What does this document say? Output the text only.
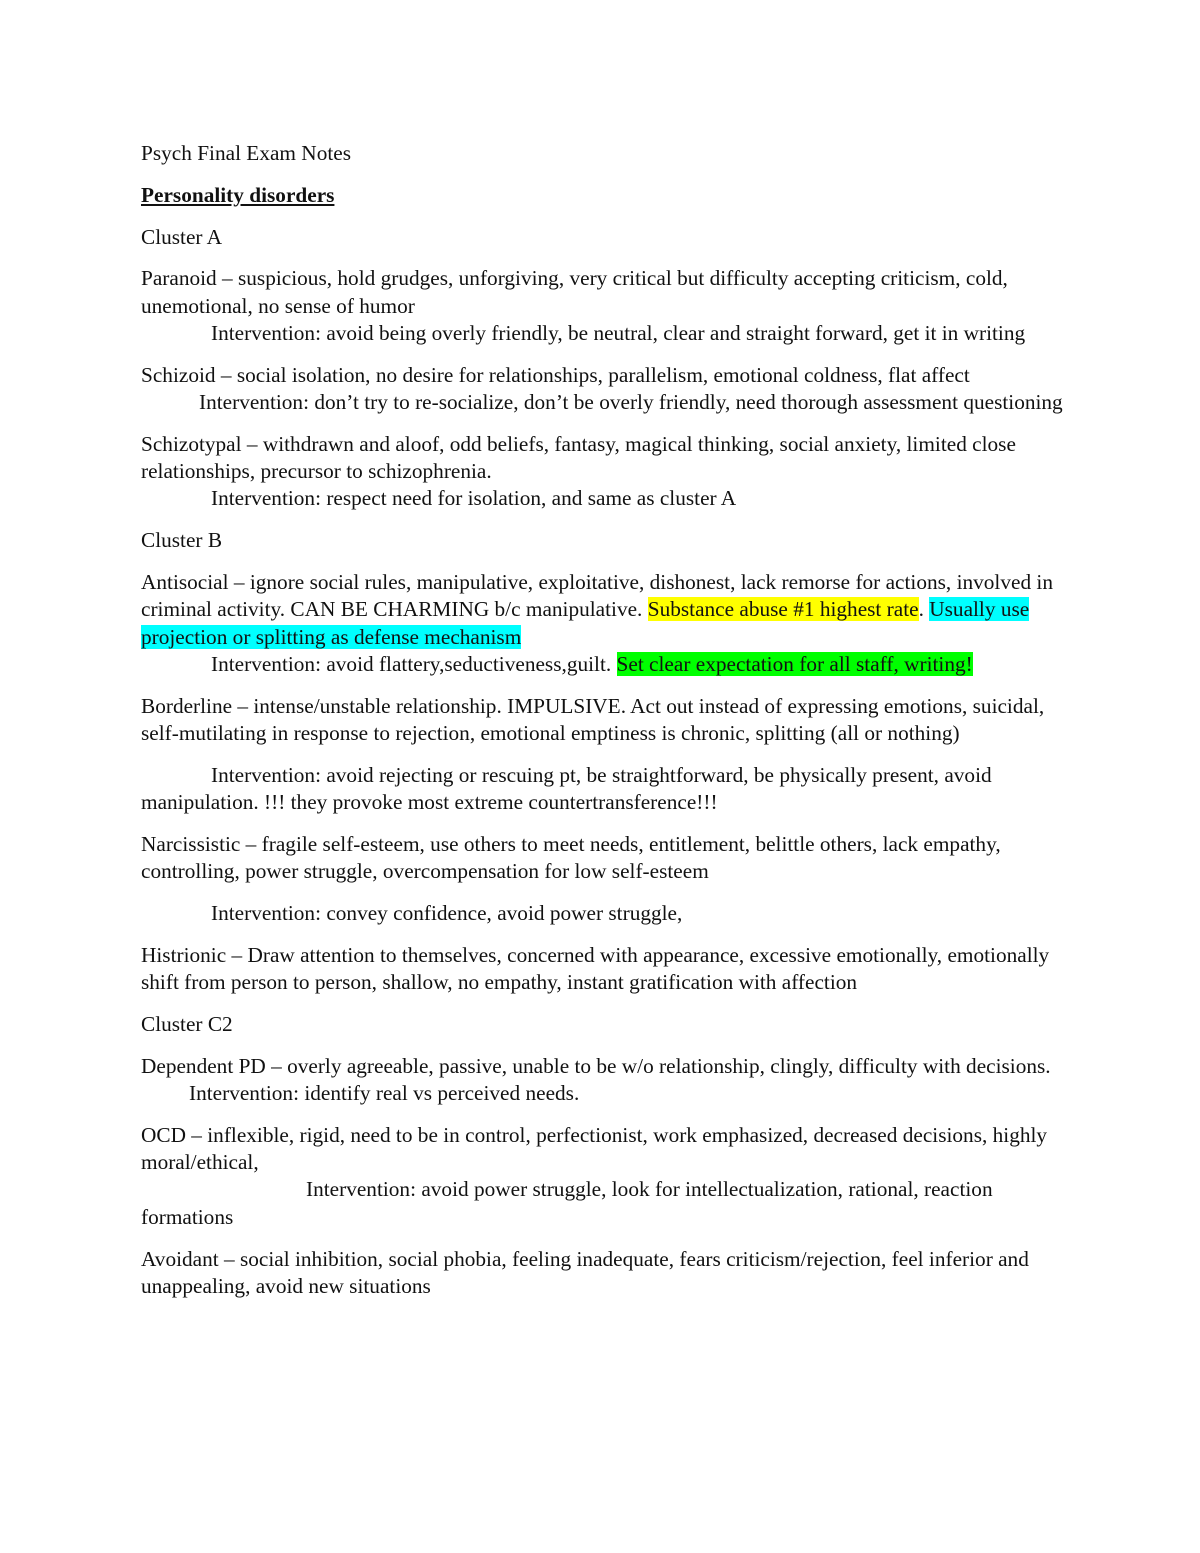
Psych Final Exam Notes

Personality disorders

Cluster A

Paranoid – suspicious, hold grudges, unforgiving, very critical but difficulty accepting criticism, cold, unemotional, no sense of humor
Intervention: avoid being overly friendly, be neutral, clear and straight forward, get it in writing

Schizoid – social isolation, no desire for relationships, parallelism, emotional coldness, flat affect
Intervention: don’t try to re-socialize, don’t be overly friendly, need thorough assessment questioning

Schizotypal – withdrawn and aloof, odd beliefs, fantasy, magical thinking, social anxiety, limited close relationships, precursor to schizophrenia.
Intervention: respect need for isolation, and same as cluster A

Cluster B

Antisocial – ignore social rules, manipulative, exploitative, dishonest, lack remorse for actions, involved in criminal activity. CAN BE CHARMING b/c manipulative. Substance abuse #1 highest rate. Usually use projection or splitting as defense mechanism
Intervention: avoid flattery,seductiveness,guilt. Set clear expectation for all staff, writing!

Borderline – intense/unstable relationship. IMPULSIVE. Act out instead of expressing emotions, suicidal, self-mutilating in response to rejection, emotional emptiness is chronic, splitting (all or nothing)

Intervention: avoid rejecting or rescuing pt, be straightforward, be physically present, avoid manipulation. !!! they provoke most extreme countertransference!!!

Narcissistic – fragile self-esteem, use others to meet needs, entitlement, belittle others, lack empathy, controlling, power struggle, overcompensation for low self-esteem

Intervention: convey confidence, avoid power struggle,

Histrionic – Draw attention to themselves, concerned with appearance, excessive emotionally, emotionally shift from person to person, shallow, no empathy, instant gratification with affection

Cluster C2

Dependent PD – overly agreeable, passive, unable to be w/o relationship, clingly, difficulty with decisions.Intervention: identify real vs perceived needs.

OCD – inflexible, rigid, need to be in control, perfectionist, work emphasized, decreased decisions, highly moral/ethical,
Intervention: avoid power struggle, look for intellectualization, rational, reaction formations

Avoidant – social inhibition, social phobia, feeling inadequate, fears criticism/rejection, feel inferior and unappealing, avoid new situations
